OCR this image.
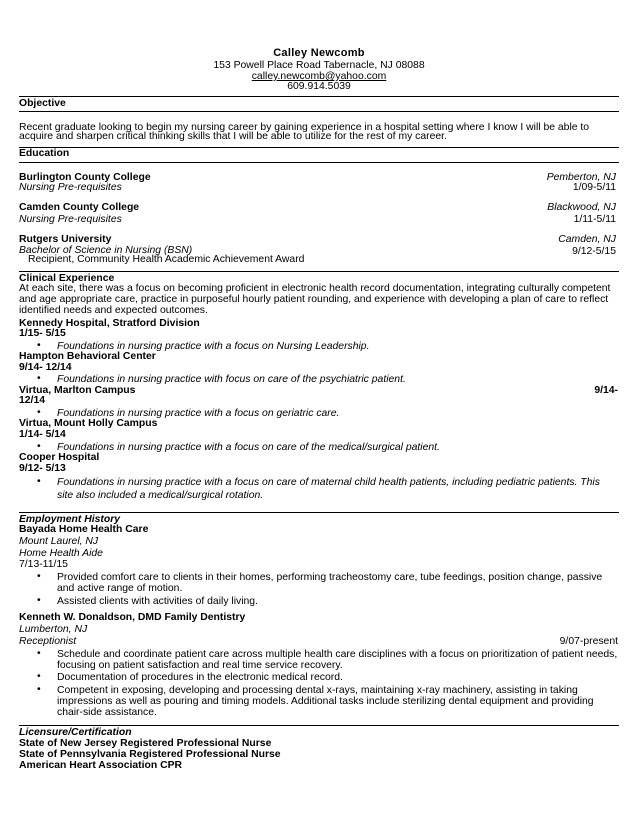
Calley Newcomb
153 Powell Place Road Tabernacle, NJ 08088
calley.newcomb@yahoo.com
609.914.5039
Objective
Recent graduate looking to begin my nursing career by gaining experience in a hospital setting where I know I will be able to
acquire and sharpen critical thinking skills that I will be able to utilize for the rest of my career.
Education
Burlington County College	Pemberton, NJ
Nursing Pre-requisites	1/09-5/11
Camden County College	Blackwood, NJ
Nursing Pre-requisites	1/11-5/11
Rutgers University	Camden, NJ
Bachelor of Science in Nursing (BSN)	9/12-5/15
Recipient, Community Health Academic Achievement Award
Clinical Experience
At each site, there was a focus on becoming proficient in electronic health record documentation, integrating culturally competent
and age appropriate care, practice in purposeful hourly patient rounding, and experience with developing a plan of care to reflect
identified needs and expected outcomes.
Kennedy Hospital, Stratford Division
1/15- 5/15
• Foundations in nursing practice with a focus on Nursing Leadership.
Hampton Behavioral Center
9/14- 12/14
• Foundations in nursing practice with focus on care of the psychiatric patient.
Virtua, Marlton Campus	9/14-
12/14
• Foundations in nursing practice with a focus on geriatric care.
Virtua, Mount Holly Campus
1/14- 5/14
• Foundations in nursing practice with a focus on care of the medical/surgical patient.
Cooper Hospital
9/12- 5/13
• Foundations in nursing practice with a focus on care of maternal child health patients, including pediatric patients. This
site also included a medical/surgical rotation.
Employment History
Bayada Home Health Care
Mount Laurel, NJ
Home Health Aide
7/13-11/15
• Provided comfort care to clients in their homes, performing tracheostomy care, tube feedings, position change, passive
and active range of motion.
• Assisted clients with activities of daily living.
Kenneth W. Donaldson, DMD Family Dentistry
Lumberton, NJ
Receptionist	9/07-present
• Schedule and coordinate patient care across multiple health care disciplines with a focus on prioritization of patient needs,
focusing on patient satisfaction and real time service recovery.
• Documentation of procedures in the electronic medical record.
• Competent in exposing, developing and processing dental x-rays, maintaining x-ray machinery, assisting in taking
impressions as well as pouring and timing models. Additional tasks include sterilizing dental equipment and providing
chair-side assistance.
Licensure/Certification
State of New Jersey Registered Professional Nurse
State of Pennsylvania Registered Professional Nurse
American Heart Association CPR
